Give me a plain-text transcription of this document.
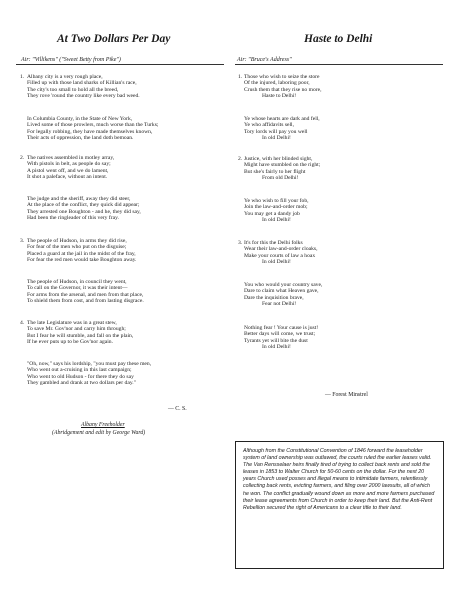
At Two Dollars Per Day
Air: "Villikens" ("Sweet Betty from Pike")
1. Albany city is a very rough place,
Filled up with those land sharks of Killian's race,
The city's too small to hold all the breed,
They rove 'round the country like every bad weed.
In Columbia County, in the State of New York,
Lived some of those prowlers, much worse than the Turks;
For legally robbing, they have made themselves known,
Their acts of oppression, the land doth bemoan.
2. The natives assembled in motley array,
With pistols in belt, as people do say;
A pistol went off, and we do lament,
It shot a paleface, without an intent.
The judge and the sheriff, away they did steer,
At the place of the conflict, they quick did appear;
They arrested one Boughton - and he, they did say,
Had been the ringleader of this very fray.
3. The people of Hudson, in arms they did rise,
For fear of the men who put on the disguise;
Placed a guard at the jail in the midst of the fray,
For fear the red men would take Boughton away.
The people of Hudson, in council they went,
To call on the Governor, it was their intent—
For arms from the arsenal, and men from that place,
To shield them from cost, and from lasting disgrace.
4. The late Legislature was in a great stew,
To save Mr. Gov'nor and carry him through;
But I fear he will stumble, and fall on the plain,
If he ever puts up to be Gov'nor again.
"Oh, now," says his lordship, "you must pay these men,
Who went out a-cruising in this last campaign;
Who went to old Hudson - for there they do say
They gambled and drank at two dollars per day."
— C. S.
Albany Freeholder
(Abridgement and edit by George Ward)
Haste to Delhi
Air: "Bruce's Address"
1. Those who wish to seize the store
Of the injured, laboring poor,
Crush them that they rise no more,
Haste to Delhi!
Ye whose hearts are dark and fell,
Ye who affidavits sell,
Tory lords will pay you well
In old Delhi!
2. Justice, with her blinded sight,
Might have stumbled on the right;
But she's fairly to her flight
From old Delhi!
Ye who wish to fill your fob,
Join the law-and-order mob;
You may get a dandy job
In old Delhi!
3. It's for this the Delhi folks
Wear their law-and-order cloaks,
Make your courts of law a hoax
In old Delhi!
You who would your country save,
Dare to claim what Heaven gave,
Dare the inquisition brave,
Fear not Delhi!
Nothing fear ! Your cause is just!
Better days will come, we trust;
Tyrants yet will bite the dust
In old Delhi!
— Forest Minstrel
Although from the Constitutional Convention of 1846 forward the leaseholder system of land ownership was outlawed, the courts ruled the earlier leases valid. The Van Rensselaer heirs finally tired of trying to collect back rents and sold the leases in 1853 to Walter Church for 50-60 cents on the dollar. For the next 20 years Church used posses and illegal means to intimidate farmers, relentlessly collecting back rents, evicting farmers, and filing over 2000 lawsuits, all of which he won. The conflict gradually wound down as more and more farmers purchased their lease agreements from Church in order to keep their land. But the Anti-Rent Rebellion secured the right of Americans to a clear title to their land.
